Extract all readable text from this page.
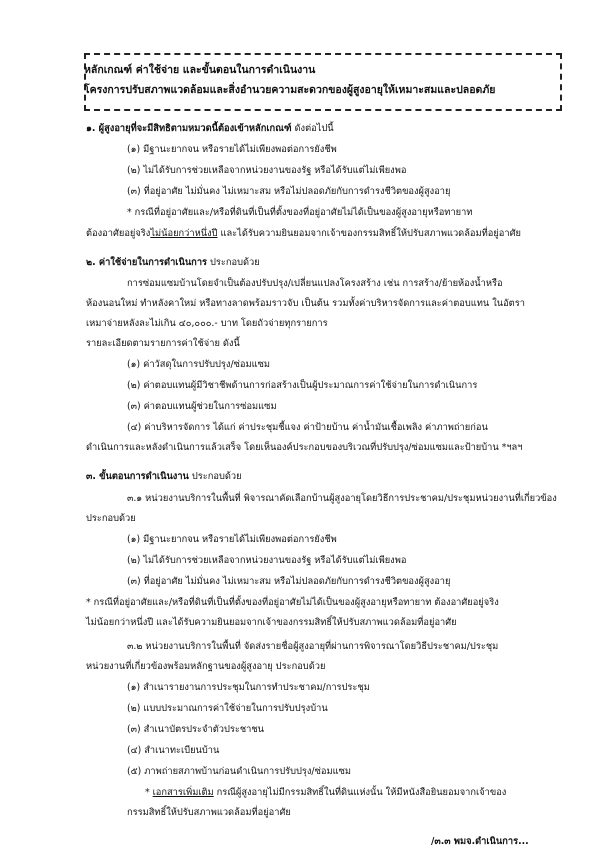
หลักเกณฑ์ ค่าใช้จ่าย และขั้นตอนในการดำเนินงาน
โครงการปรับสภาพแวดล้อมและสิ่งอำนวยความสะดวกของผู้สูงอายุให้เหมาะสมและปลอดภัย
๑. ผู้สูงอายุที่จะมีสิทธิตามหมวดนี้ต้องเข้าหลักเกณฑ์ ดังต่อไปนี้
(๑) มีฐานะยากจน หรือรายได้ไม่เพียงพอต่อการยังชีพ
(๒) ไม่ได้รับการช่วยเหลือจากหน่วยงานของรัฐ หรือได้รับแต่ไม่เพียงพอ
(๓) ที่อยู่อาศัย ไม่มั่นคง ไม่เหมาะสม หรือไม่ปลอดภัยกับการดำรงชีวิตของผู้สูงอายุ
* กรณีที่อยู่อาศัยและ/หรือที่ดินที่เป็นที่ตั้งของที่อยู่อาศัยไม่ได้เป็นของผู้สูงอายุหรือทายาท
ต้องอาศัยอยู่จริงไม่น้อยกว่าหนึ่งปี และได้รับความยินยอมจากเจ้าของกรรมสิทธิ์ให้ปรับสภาพแวดล้อมที่อยู่อาศัย
๒. ค่าใช้จ่ายในการดำเนินการ ประกอบด้วย
การซ่อมแซมบ้านโดยจำเป็นต้องปรับปรุง/เปลี่ยนแปลงโครงสร้าง เช่น การสร้าง/ย้ายห้องน้ำหรือ
ห้องนอนใหม่ ทำหลังคาใหม่ หรือทางลาดพร้อมราวจับ เป็นต้น รวมทั้งค่าบริหารจัดการและค่าตอบแทน ในอัตรา
เหมาจ่ายหลังละไม่เกิน ๔๐,๐๐๐.- บาท โดยถัวจ่ายทุกรายการ
รายละเอียดตามรายการค่าใช้จ่าย ดังนี้
(๑) ค่าวัสดุในการปรับปรุง/ซ่อมแซม
(๒) ค่าตอบแทนผู้มีวิชาชีพด้านการก่อสร้างเป็นผู้ประมาณการค่าใช้จ่ายในการดำเนินการ
(๓) ค่าตอบแทนผู้ช่วยในการซ่อมแซม
(๔) ค่าบริหารจัดการ ได้แก่ ค่าประชุมชี้แจง ค่าป้ายบ้าน ค่าน้ำมันเชื้อเพลิง ค่าภาพถ่ายก่อน
ดำเนินการและหลังดำเนินการแล้วเสร็จ โดยเห็นองค์ประกอบของบริเวณที่ปรับปรุง/ซ่อมแซมและป้ายบ้าน *ฯลฯ
๓. ขั้นตอนการดำเนินงาน ประกอบด้วย
๓.๑ หน่วยงานบริการในพื้นที่ พิจารณาคัดเลือกบ้านผู้สูงอายุโดยวิธีการประชาคม/ประชุมหน่วยงานที่เกี่ยวข้อง
ประกอบด้วย
(๑) มีฐานะยากจน หรือรายได้ไม่เพียงพอต่อการยังชีพ
(๒) ไม่ได้รับการช่วยเหลือจากหน่วยงานของรัฐ หรือได้รับแต่ไม่เพียงพอ
(๓) ที่อยู่อาศัย ไม่มั่นคง ไม่เหมาะสม หรือไม่ปลอดภัยกับการดำรงชีวิตของผู้สูงอายุ
* กรณีที่อยู่อาศัยและ/หรือที่ดินที่เป็นที่ตั้งของที่อยู่อาศัยไม่ได้เป็นของผู้สูงอายุหรือทายาท ต้องอาศัยอยู่จริง
ไม่น้อยกว่าหนึ่งปี และได้รับความยินยอมจากเจ้าของกรรมสิทธิ์ให้ปรับสภาพแวดล้อมที่อยู่อาศัย
๓.๒ หน่วยงานบริการในพื้นที่ จัดส่งรายชื่อผู้สูงอายุที่ผ่านการพิจารณาโดยวิธีประชาคม/ประชุม
หน่วยงานที่เกี่ยวข้องพร้อมหลักฐานของผู้สูงอายุ ประกอบด้วย
(๑) สำเนารายงานการประชุมในการทำประชาคม/การประชุม
(๒) แบบประมาณการค่าใช้จ่ายในการปรับปรุงบ้าน
(๓) สำเนาบัตรประจำตัวประชาชน
(๔) สำเนาทะเบียนบ้าน
(๕) ภาพถ่ายสภาพบ้านก่อนดำเนินการปรับปรุง/ซ่อมแซม
* เอกสารเพิ่มเติม กรณีผู้สูงอายุไม่มีกรรมสิทธิ์ในที่ดินแห่งนั้น ให้มีหนังสือยินยอมจากเจ้าของ
กรรมสิทธิ์ให้ปรับสภาพแวดล้อมที่อยู่อาศัย
/๓.๓ พมจ.ดำเนินการ...
